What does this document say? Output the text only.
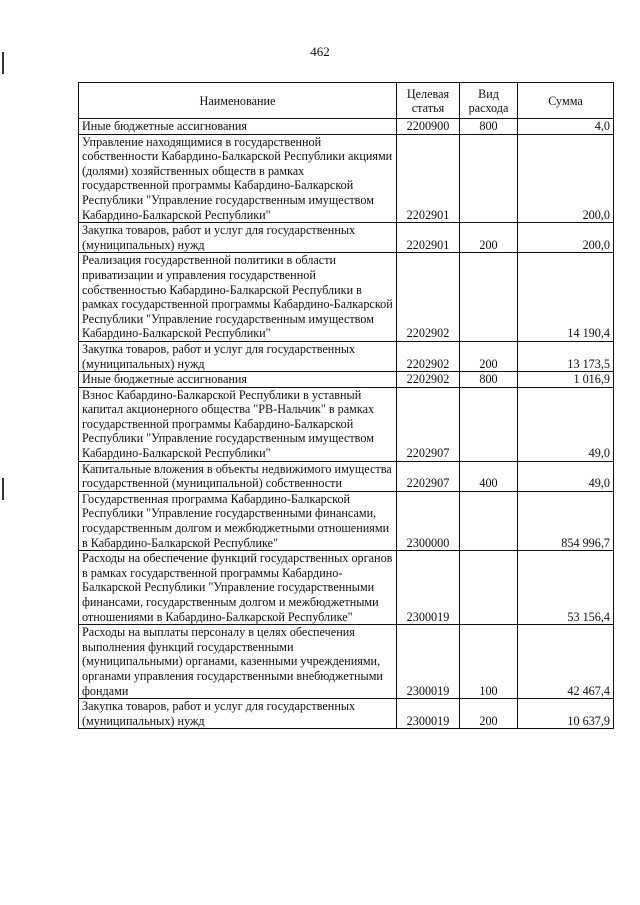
462
Наименование	Целевая статья	Вид расхода	Сумма
Иные бюджетные ассигнования	2200900	800	4,0
Управление находящимися в государственной собственности Кабардино-Балкарской Республики акциями (долями) хозяйственных обществ в рамках государственной программы Кабардино-Балкарской Республики "Управление государственным имуществом Кабардино-Балкарской Республики"	2202901		200,0
Закупка товаров, работ и услуг для государственных (муниципальных) нужд	2202901	200	200,0
Реализация государственной политики в области приватизации и управления государственной собственностью Кабардино-Балкарской Республики в рамках государственной программы Кабардино-Балкарской Республики "Управление государственным имуществом Кабардино-Балкарской Республики"	2202902		14 190,4
Закупка товаров, работ и услуг для государственных (муниципальных) нужд	2202902	200	13 173,5
Иные бюджетные ассигнования	2202902	800	1 016,9
Взнос Кабардино-Балкарской Республики в уставный капитал акционерного общества "РВ-Нальчик" в рамках государственной программы Кабардино-Балкарской Республики "Управление государственным имуществом Кабардино-Балкарской Республики"	2202907		49,0
Капитальные вложения в объекты недвижимого имущества государственной (муниципальной) собственности	2202907	400	49,0
Государственная программа Кабардино-Балкарской Республики "Управление государственными финансами, государственным долгом и межбюджетными отношениями в Кабардино-Балкарской Республике"	2300000		854 996,7
Расходы на обеспечение функций государственных органов в рамках государственной программы Кабардино-Балкарской Республики "Управление государственными финансами, государственным долгом и межбюджетными отношениями в Кабардино-Балкарской Республике"	2300019		53 156,4
Расходы на выплаты персоналу в целях обеспечения выполнения функций государственными (муниципальными) органами, казенными учреждениями, органами управления государственными внебюджетными фондами	2300019	100	42 467,4
Закупка товаров, работ и услуг для государственных (муниципальных) нужд	2300019	200	10 637,9
